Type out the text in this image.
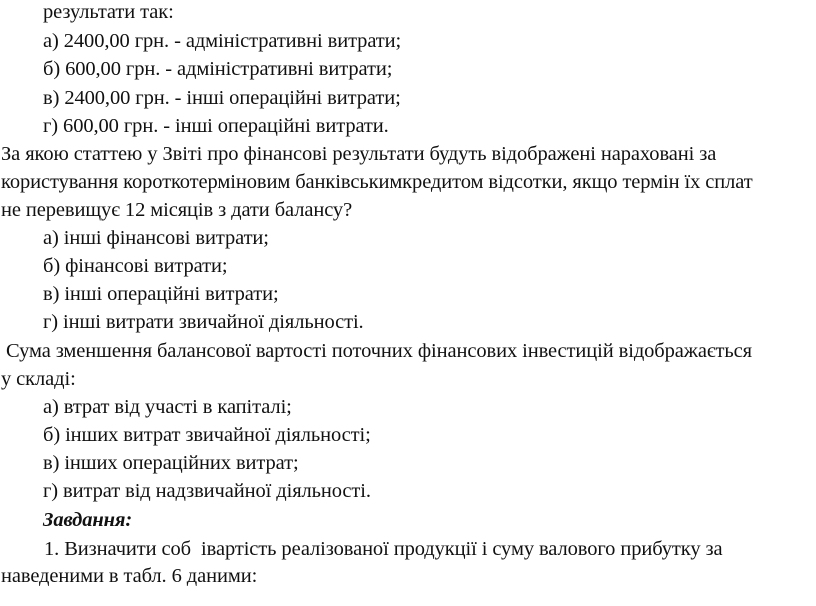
результати так:
а) 2400,00 грн. - адміністративні витрати;
б) 600,00 грн. - адміністративні витрати;
в) 2400,00 грн. - інші операційні витрати;
г) 600,00 грн. - інші операційні витрати.
За якою статтею у Звіті про фінансові результати будуть відображені нараховані за
користування короткотерміновим банківськимкредитом відсотки, якщо термін їх сплат
не перевищує 12 місяців з дати балансу?
а) інші фінансові витрати;
б) фінансові витрати;
в) інші операційні витрати;
г) інші витрати звичайної діяльності.
Сума зменшення балансової вартості поточних фінансових інвестицій відображається
у складі:
а) втрат від участі в капіталі;
б) інших витрат звичайної діяльності;
в) інших операційних витрат;
г) витрат від надзвичайної діяльності.
Завдання:
1. Визначити соб  івартість реалізованої продукції і суму валового прибутку за
наведеними в табл. 6 даними:
